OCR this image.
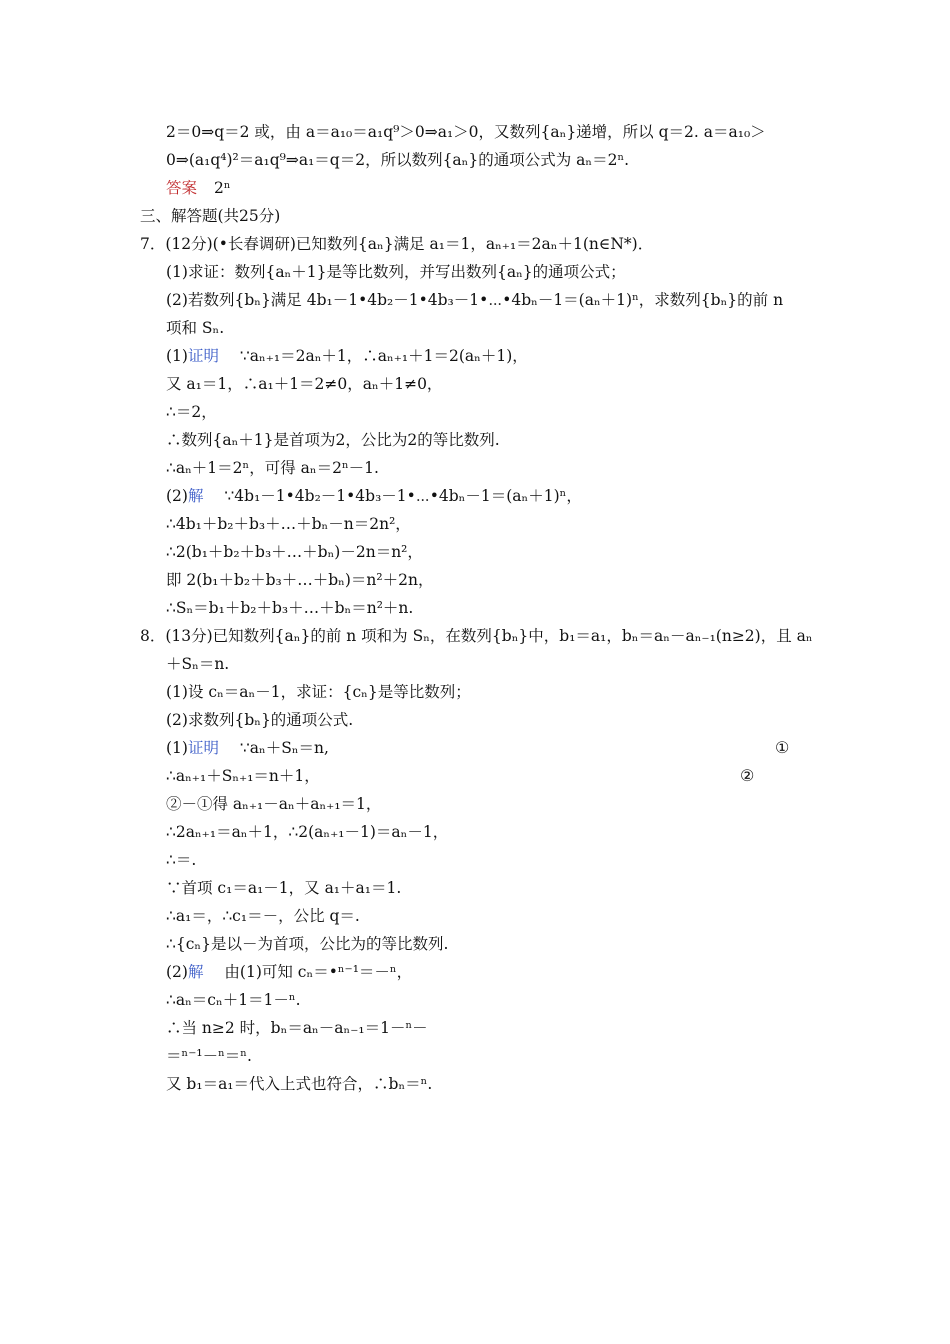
2＝0⇒q＝2 或，由 a＝a₁₀＝a₁q⁹＞0⇒a₁＞0，又数列{aₙ}递增，所以 q＝2. a＝a₁₀＞
0⇒(a₁q⁴)²＝a₁q⁹⇒a₁＝q＝2，所以数列{aₙ}的通项公式为 aₙ＝2ⁿ.
答案 2ⁿ
三、解答题(共25分)
7．(12分)(•长春调研)已知数列{aₙ}满足 a₁＝1，aₙ₊₁＝2aₙ＋1(n∈N*)．
(1)求证：数列{aₙ＋1}是等比数列，并写出数列{aₙ}的通项公式；
(2)若数列{bₙ}满足 4b₁－1•4b₂－1•4b₃－1•⋯•4bₙ－1＝(aₙ＋1)ⁿ，求数列{bₙ}的前 n
项和 Sₙ.
(1)证明 ∵aₙ₊₁＝2aₙ＋1，∴aₙ₊₁＋1＝2(aₙ＋1)，
又 a₁＝1，∴a₁＋1＝2≠0，aₙ＋1≠0，
∴＝2，
∴数列{aₙ＋1}是首项为2，公比为2的等比数列.
∴aₙ＋1＝2ⁿ，可得 aₙ＝2ⁿ－1.
(2)解 ∵4b₁－1•4b₂－1•4b₃－1•⋯•4bₙ－1＝(aₙ＋1)ⁿ，
∴4b₁＋b₂＋b₃＋…＋bₙ－n＝2n²，
∴2(b₁＋b₂＋b₃＋…＋bₙ)－2n＝n²，
即 2(b₁＋b₂＋b₃＋…＋bₙ)＝n²＋2n，
∴Sₙ＝b₁＋b₂＋b₃＋…＋bₙ＝n²＋n.
8．(13分)已知数列{aₙ}的前 n 项和为 Sₙ，在数列{bₙ}中，b₁＝a₁，bₙ＝aₙ－aₙ₋₁(n≥2)，且 aₙ
＋Sₙ＝n.
(1)设 cₙ＝aₙ－1，求证：{cₙ}是等比数列；
(2)求数列{bₙ}的通项公式.
(1)证明 ∵aₙ＋Sₙ＝n,	①
∴aₙ₊₁＋Sₙ₊₁＝n＋1，	②
②－①得 aₙ₊₁－aₙ＋aₙ₊₁＝1，
∴2aₙ₊₁＝aₙ＋1，∴2(aₙ₊₁－1)＝aₙ－1，
∴＝.
∵首项 c₁＝a₁－1，又 a₁＋a₁＝1.
∴a₁＝，∴c₁＝－，公比 q＝.
∴{cₙ}是以－为首项，公比为的等比数列.
(2)解 由(1)可知 cₙ＝•ⁿ⁻¹＝－ⁿ，
∴aₙ＝cₙ＋1＝1－ⁿ.
∴当 n≥2 时，bₙ＝aₙ－aₙ₋₁＝1－ⁿ－
＝ⁿ⁻¹－ⁿ＝ⁿ.
又 b₁＝a₁＝代入上式也符合，∴bₙ＝ⁿ.
